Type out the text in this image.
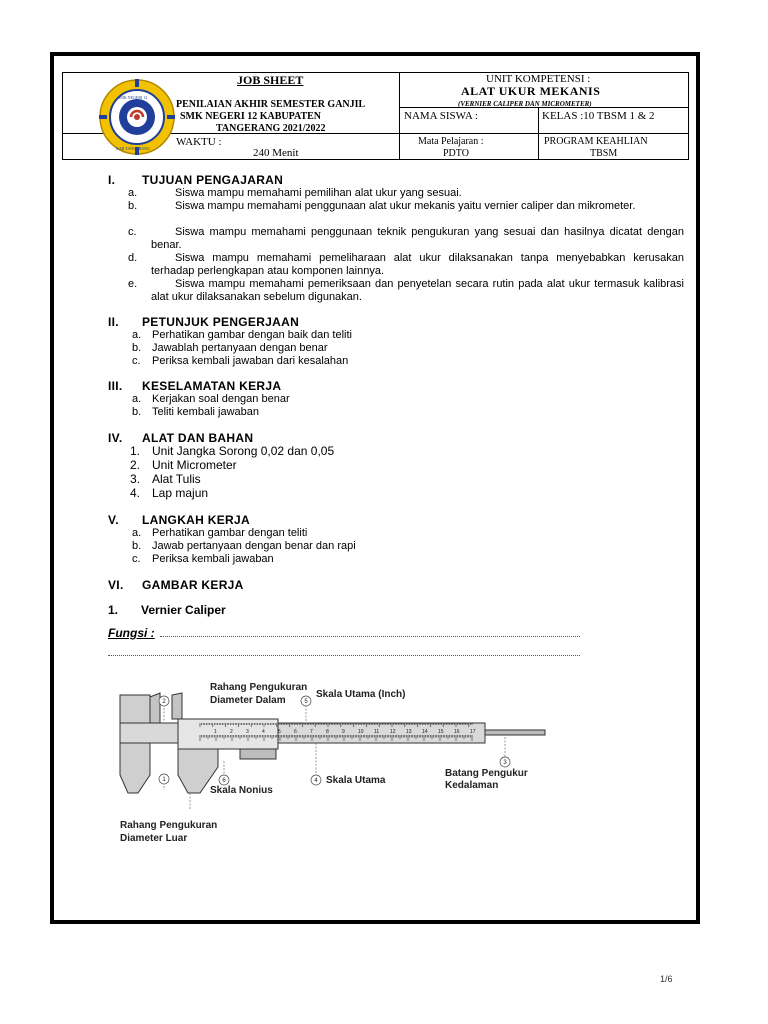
SMK NEGERI 12
KAB TANGERANG
JOB SHEET
PENILAIAN AKHIR SEMESTER GANJIL
SMK NEGERI 12 KABUPATEN
TANGERANG 2021/2022
WAKTU :
240 Menit
UNIT KOMPETENSI :
ALAT UKUR MEKANIS
(VERNIER CALIPER DAN MICROMETER)
NAMA SISWA :	KELAS :10 TBSM 1 & 2
Mata Pelajaran :
PDTO
PROGRAM KEAHLIAN
TBSM
I. TUJUAN PENGAJARAN
a.	Siswa mampu memahami pemilihan alat ukur yang sesuai.
b.	Siswa mampu memahami penggunaan alat ukur mekanis yaitu vernier caliper dan mikrometer.
c.	Siswa mampu memahami penggunaan teknik pengukuran yang sesuai dan hasilnya dicatat dengan benar.
d.	Siswa mampu memahami pemeliharaan alat ukur dilaksanakan tanpa menyebabkan kerusakan terhadap perlengkapan atau komponen lainnya.
e.	Siswa mampu memahami pemeriksaan dan penyetelan secara rutin pada alat ukur termasuk kalibrasi alat ukur dilaksanakan sebelum digunakan.
II. PETUNJUK PENGERJAAN
a. Perhatikan gambar dengan baik dan teliti
b. Jawablah pertanyaan dengan benar
c. Periksa kembali jawaban dari kesalahan
III. KESELAMATAN KERJA
a. Kerjakan soal dengan benar
b. Teliti kembali jawaban
IV. ALAT DAN BAHAN
1. Unit Jangka Sorong 0,02 dan 0,05
2. Unit Micrometer
3. Alat Tulis
4. Lap majun
V. LANGKAH KERJA
a. Perhatikan gambar dengan teliti
b. Jawab pertanyaan dengan benar dan rapi
c. Periksa kembali jawaban
VI. GAMBAR KERJA
1. Vernier Caliper
Fungsi :
1	2	3	4	5	6	7	8	9	10 11 12 13 14 15 16 17
2	5
3
4
6
1
Rahang Pengukuran
Diameter Dalam
Skala Utama (Inch)
Skala Utama
Skala Nonius
Batang Pengukur
Kedalaman
Rahang Pengukuran
Diameter Luar
1/6
